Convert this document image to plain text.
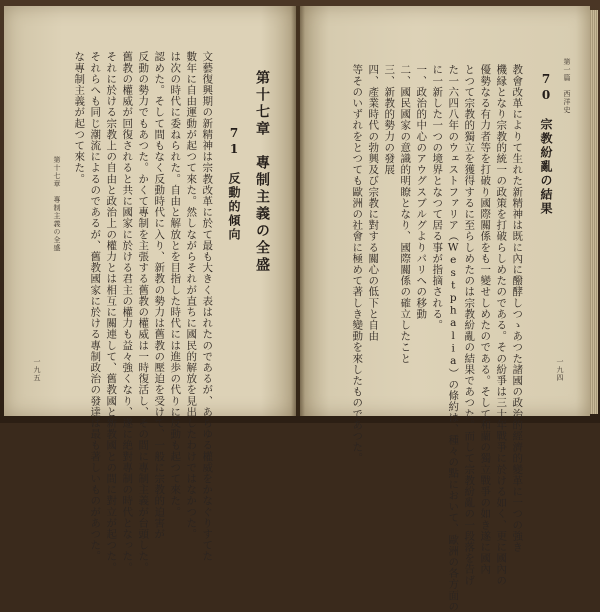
第一篇　西洋史
70　宗教紛亂の結果
教會改革によりて生れた新精神は既に內に醱酵しつゝあつた諸國の政治的經濟的變革に一つの強き
機縁となり宗教的統一の政策を打破らしめたのである。その紛爭は三十年戰爭に於ける如く、更に國內の
優勢なる有力者等を打破り國際關係をも一變せしめたのである。そして和蘭の獨立戰爭の如き遂に國內
とつて宗教的獨立を獲得するに至らしめたのは宗教紛亂の結果であつた。而して宗教紛亂の一段落を告げ
た一六四八年のウェストファリア（Westphalia）の條約は、種々の點において、歐洲の各方面の
に一新した一つの境界となつて居る事が指摘される。
一、政治的中心のアウグスブルグよりパリへの移動
二、國民國家の意識的明瞭となり、國際關係の確立したこと
三、新教的勢力の發展
四、產業時代の勃興及び宗教に對する關心の低下と自由
等そのいずれをとつても歐洲の社會に極めて著しき變動を來したものであつた。	一九四
第十七章　專制主義の全盛
71　反動的傾向
文藝復興期の新精神は宗教改革に於て最も大きく表はれたのであるが、あらゆる權威をかなぐりすてた
數年に自由運動が起つて來た。然しながらそれが直ちに國民的解放を見出したわけではなかつた。
は次の時代に委ねられた。自由と解放とを目指した時代には進歩の代りに反動も起つて來た。
認めた。そして間もなく反動時代に入り、新教の勢力は舊教の壓迫を受けて、一般に宗教的迫害が
反動の勢力でもあつた。かくて專制を主張する舊教の權威は一時復活し、その間に專制主義が台頭した。
舊教の權威が回復されると共に國家に於ける君主の權力も益々強くなり、遂に絶對專制の時代となった。
それに於ける宗教上の自由と政治上の權力とは相互に關連して、舊教國と新教國との間に對立が起つた。
それらへも同じ潮流によるのであるが、舊教國家に於ける專制政治の發達は最も著しいものがあつた。
な專制主義が起つて來た。
第十七章　專制主義の全盛
一九五
